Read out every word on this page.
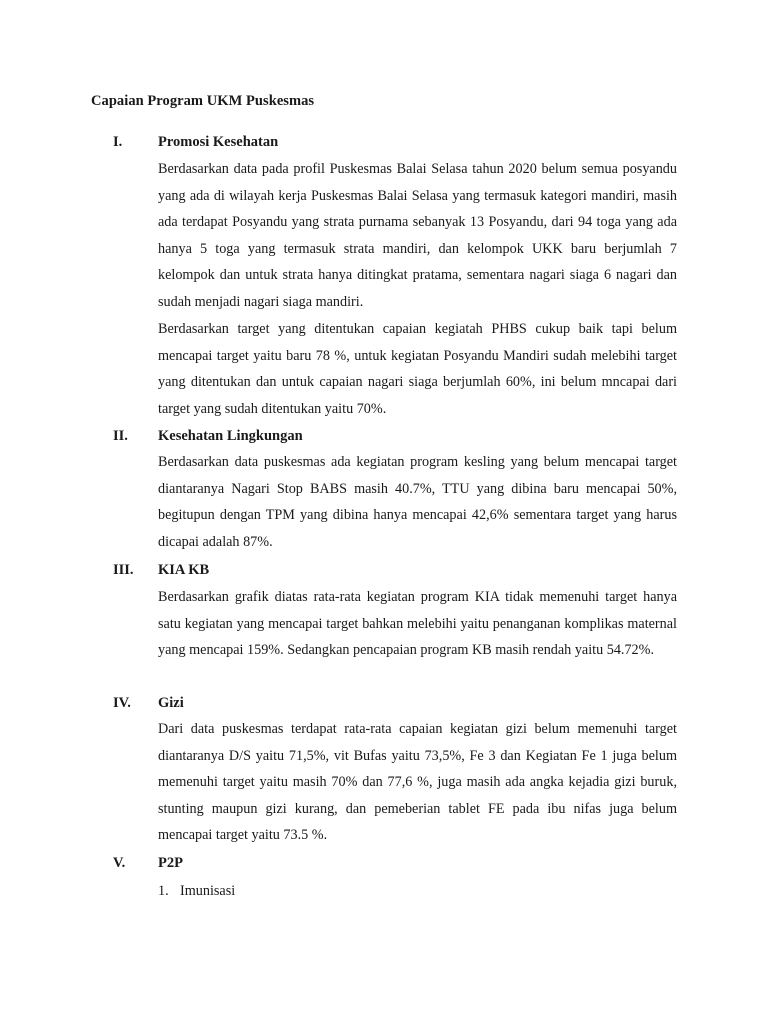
Capaian Program UKM Puskesmas
I. Promosi Kesehatan

Berdasarkan data pada profil Puskesmas Balai Selasa tahun 2020 belum semua posyandu yang ada di wilayah kerja Puskesmas Balai Selasa yang termasuk kategori mandiri, masih ada terdapat Posyandu yang strata purnama sebanyak 13 Posyandu, dari 94 toga yang ada hanya 5 toga yang termasuk strata mandiri, dan kelompok UKK baru berjumlah 7 kelompok dan untuk strata hanya ditingkat pratama, sementara nagari siaga 6 nagari dan sudah menjadi nagari siaga mandiri.

Berdasarkan target yang ditentukan capaian kegiatah PHBS cukup baik tapi belum mencapai target yaitu baru 78 %, untuk kegiatan Posyandu Mandiri sudah melebihi target yang ditentukan dan untuk capaian nagari siaga berjumlah 60%, ini belum mncapai dari target yang sudah ditentukan yaitu 70%.

II. Kesehatan Lingkungan

Berdasarkan data puskesmas ada kegiatan program kesling yang belum mencapai target diantaranya Nagari Stop BABS masih 40.7%, TTU yang dibina baru mencapai 50%, begitupun dengan TPM yang dibina hanya mencapai 42,6% sementara target yang harus dicapai adalah 87%.

III. KIA KB

Berdasarkan grafik diatas rata-rata kegiatan program KIA tidak memenuhi target hanya satu kegiatan yang mencapai target bahkan melebihi yaitu penanganan komplikas maternal yang mencapai 159%. Sedangkan pencapaian program KB masih rendah yaitu 54.72%.

IV. Gizi

Dari data puskesmas terdapat rata-rata capaian kegiatan gizi belum memenuhi target diantaranya D/S yaitu 71,5%, vit Bufas yaitu 73,5%, Fe 3 dan Kegiatan Fe 1 juga belum memenuhi target yaitu masih 70% dan 77,6 %, juga masih ada angka kejadia gizi buruk, stunting maupun gizi kurang, dan pemeberian tablet FE pada ibu nifas juga belum mencapai target yaitu 73.5 %.

V. P2P
1. Imunisasi
